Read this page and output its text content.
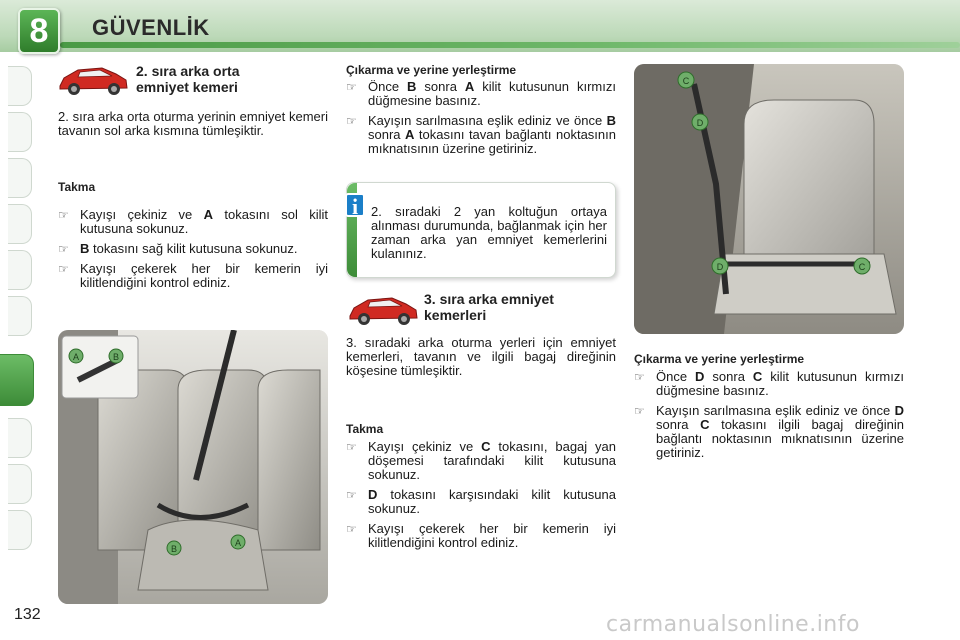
8	GÜVENLİK
2. sıra arka orta
emniyet kemeri
2. sıra arka orta oturma yerinin emniyet kemeri tavanın sol arka kısmına tümleşiktir.
Takma
☞ Kayışı çekiniz ve A tokasını sol kilit kutusuna sokunuz.
☞ B tokasını sağ kilit kutusuna sokunuz.
☞ Kayışı çekerek her bir kemerin iyi kilitlendiğini kontrol ediniz.
A	B
B
A
Çıkarma ve yerine yerleştirme
☞ Önce B sonra A kilit kutusunun kırmızı düğmesine basınız.
☞ Kayışın sarılmasına eşlik ediniz ve önce B sonra A tokasını tavan bağlantı noktasının mıknatısının üzerine getiriniz.
i 2. sıradaki 2 yan koltuğun ortaya alınması durumunda, bağlanmak için her zaman arka yan emniyet kemerlerini kulanınız.
3. sıra arka emniyet
kemerleri
3. sıradaki arka oturma yerleri için emniyet kemerleri, tavanın ve ilgili bagaj direğinin köşesine tümleşiktir.
Takma
☞ Kayışı çekiniz ve C tokasını, bagaj yan döşemesi tarafındaki kilit kutusuna sokunuz.
☞ D tokasını karşısındaki kilit kutusuna sokunuz.
☞ Kayışı çekerek her bir kemerin iyi kilitlendiğini kontrol ediniz.
C
D
D	C
Çıkarma ve yerine yerleştirme
☞ Önce D sonra C kilit kutusunun kırmızı düğmesine basınız.
☞ Kayışın sarılmasına eşlik ediniz ve önce D sonra C tokasını ilgili bagaj direğinin bağlantı noktasının mıknatısının üzerine getiriniz.
132	carmanualsonline.info
